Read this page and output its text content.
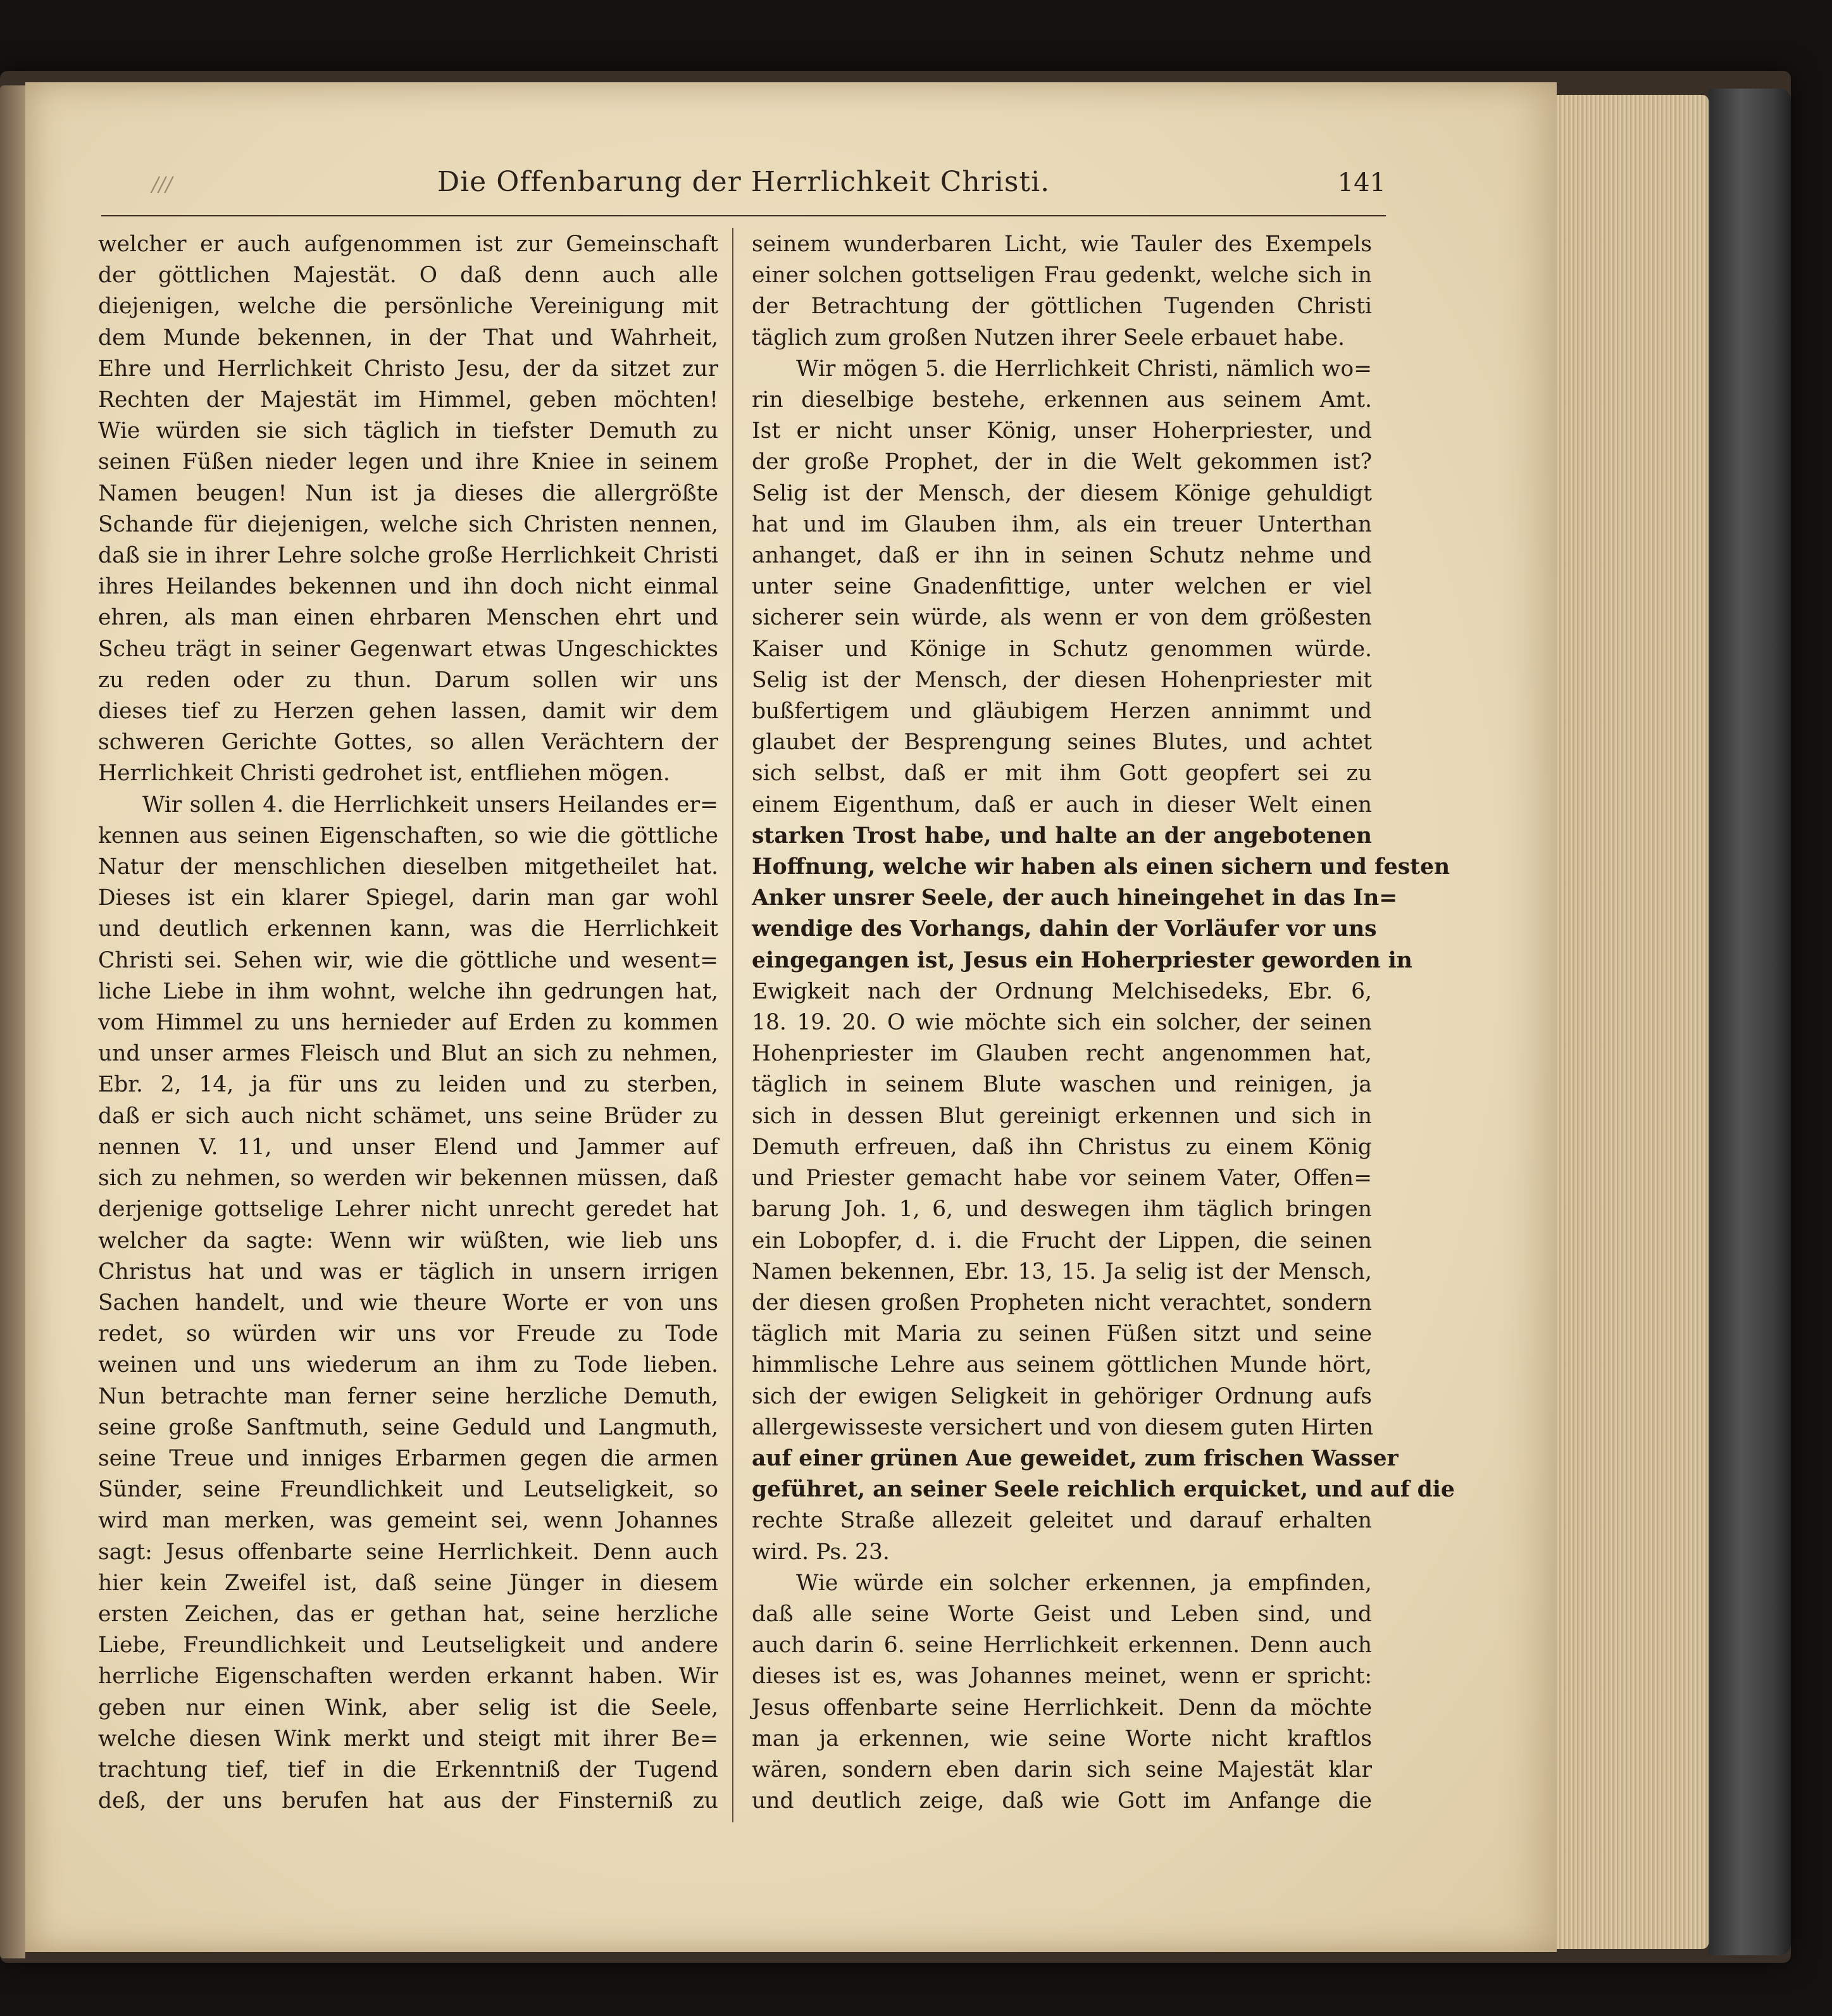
///	Die Offenbarung der Herrlichkeit Christi.	141
welcher er auch aufgenommen ist zur Gemeinschaft
der göttlichen Majestät. O daß denn auch alle
diejenigen, welche die persönliche Vereinigung mit
dem Munde bekennen, in der That und Wahrheit,
Ehre und Herrlichkeit Christo Jesu, der da sitzet zur
Rechten der Majestät im Himmel, geben möchten!
Wie würden sie sich täglich in tiefster Demuth zu
seinen Füßen nieder legen und ihre Kniee in seinem
Namen beugen! Nun ist ja dieses die allergrößte
Schande für diejenigen, welche sich Christen nennen,
daß sie in ihrer Lehre solche große Herrlichkeit Christi
ihres Heilandes bekennen und ihn doch nicht einmal
ehren, als man einen ehrbaren Menschen ehrt und
Scheu trägt in seiner Gegenwart etwas Ungeschicktes
zu reden oder zu thun. Darum sollen wir uns
dieses tief zu Herzen gehen lassen, damit wir dem
schweren Gerichte Gottes, so allen Verächtern der
Herrlichkeit Christi gedrohet ist, entfliehen mögen.
Wir sollen 4. die Herrlichkeit unsers Heilandes er=
kennen aus seinen Eigenschaften, so wie die göttliche
Natur der menschlichen dieselben mitgetheilet hat.
Dieses ist ein klarer Spiegel, darin man gar wohl
und deutlich erkennen kann, was die Herrlichkeit
Christi sei. Sehen wir, wie die göttliche und wesent=
liche Liebe in ihm wohnt, welche ihn gedrungen hat,
vom Himmel zu uns hernieder auf Erden zu kommen
und unser armes Fleisch und Blut an sich zu nehmen,
Ebr. 2, 14, ja für uns zu leiden und zu sterben,
daß er sich auch nicht schämet, uns seine Brüder zu
nennen V. 11, und unser Elend und Jammer auf
sich zu nehmen, so werden wir bekennen müssen, daß
derjenige gottselige Lehrer nicht unrecht geredet hat
welcher da sagte: Wenn wir wüßten, wie lieb uns
Christus hat und was er täglich in unsern irrigen
Sachen handelt, und wie theure Worte er von uns
redet, so würden wir uns vor Freude zu Tode
weinen und uns wiederum an ihm zu Tode lieben.
Nun betrachte man ferner seine herzliche Demuth,
seine große Sanftmuth, seine Geduld und Langmuth,
seine Treue und inniges Erbarmen gegen die armen
Sünder, seine Freundlichkeit und Leutseligkeit, so
wird man merken, was gemeint sei, wenn Johannes
sagt: Jesus offenbarte seine Herrlichkeit. Denn auch
hier kein Zweifel ist, daß seine Jünger in diesem
ersten Zeichen, das er gethan hat, seine herzliche
Liebe, Freundlichkeit und Leutseligkeit und andere
herrliche Eigenschaften werden erkannt haben. Wir
geben nur einen Wink, aber selig ist die Seele,
welche diesen Wink merkt und steigt mit ihrer Be=
trachtung tief, tief in die Erkenntniß der Tugend
deß, der uns berufen hat aus der Finsterniß zu
seinem wunderbaren Licht, wie Tauler des Exempels
einer solchen gottseligen Frau gedenkt, welche sich in
der Betrachtung der göttlichen Tugenden Christi
täglich zum großen Nutzen ihrer Seele erbauet habe.
Wir mögen 5. die Herrlichkeit Christi, nämlich wo=
rin dieselbige bestehe, erkennen aus seinem Amt.
Ist er nicht unser König, unser Hoherpriester, und
der große Prophet, der in die Welt gekommen ist?
Selig ist der Mensch, der diesem Könige gehuldigt
hat und im Glauben ihm, als ein treuer Unterthan
anhanget, daß er ihn in seinen Schutz nehme und
unter seine Gnadenfittige, unter welchen er viel
sicherer sein würde, als wenn er von dem größesten
Kaiser und Könige in Schutz genommen würde.
Selig ist der Mensch, der diesen Hohenpriester mit
bußfertigem und gläubigem Herzen annimmt und
glaubet der Besprengung seines Blutes, und achtet
sich selbst, daß er mit ihm Gott geopfert sei zu
einem Eigenthum, daß er auch in dieser Welt einen
starken Trost habe, und halte an der angebotenen
Hoffnung, welche wir haben als einen sichern und festen
Anker unsrer Seele, der auch hineingehet in das In=
wendige des Vorhangs, dahin der Vorläufer vor uns
eingegangen ist, Jesus ein Hoherpriester geworden in
Ewigkeit nach der Ordnung Melchisedeks, Ebr. 6,
18. 19. 20. O wie möchte sich ein solcher, der seinen
Hohenpriester im Glauben recht angenommen hat,
täglich in seinem Blute waschen und reinigen, ja
sich in dessen Blut gereinigt erkennen und sich in
Demuth erfreuen, daß ihn Christus zu einem König
und Priester gemacht habe vor seinem Vater, Offen=
barung Joh. 1, 6, und deswegen ihm täglich bringen
ein Lobopfer, d. i. die Frucht der Lippen, die seinen
Namen bekennen, Ebr. 13, 15. Ja selig ist der Mensch,
der diesen großen Propheten nicht verachtet, sondern
täglich mit Maria zu seinen Füßen sitzt und seine
himmlische Lehre aus seinem göttlichen Munde hört,
sich der ewigen Seligkeit in gehöriger Ordnung aufs
allergewisseste versichert und von diesem guten Hirten
auf einer grünen Aue geweidet, zum frischen Wasser
geführet, an seiner Seele reichlich erquicket, und auf die
rechte Straße allezeit geleitet und darauf erhalten
wird. Ps. 23.
Wie würde ein solcher erkennen, ja empfinden,
daß alle seine Worte Geist und Leben sind, und
auch darin 6. seine Herrlichkeit erkennen. Denn auch
dieses ist es, was Johannes meinet, wenn er spricht:
Jesus offenbarte seine Herrlichkeit. Denn da möchte
man ja erkennen, wie seine Worte nicht kraftlos
wären, sondern eben darin sich seine Majestät klar
und deutlich zeige, daß wie Gott im Anfange die
